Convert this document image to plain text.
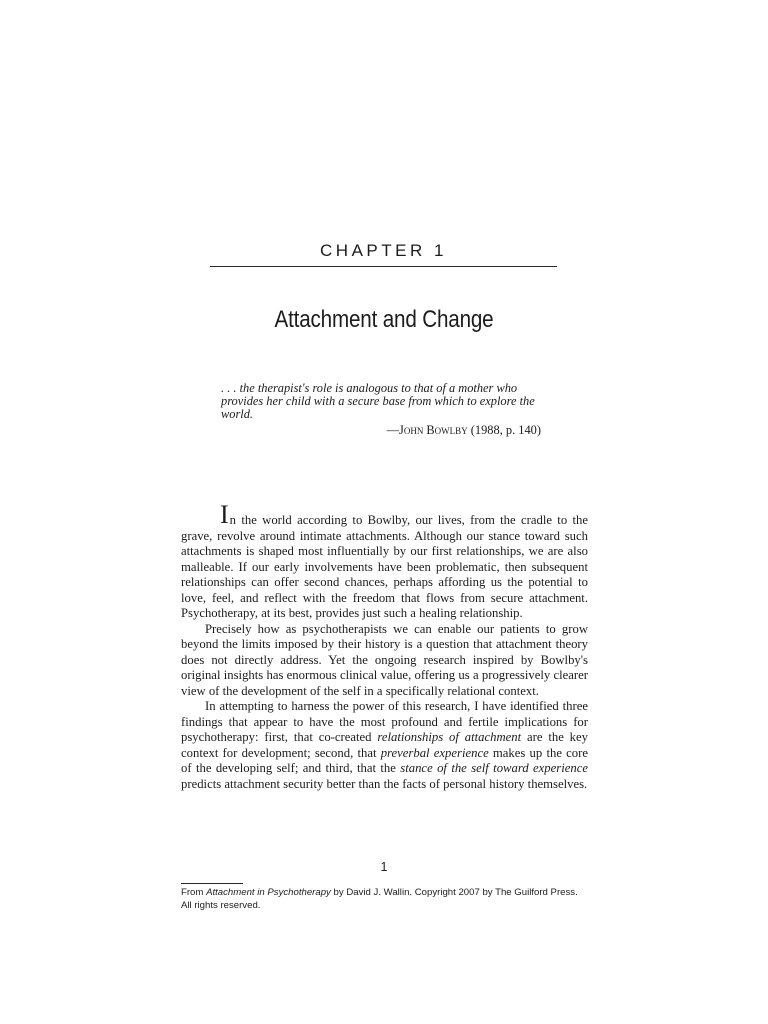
CHAPTER 1
Attachment and Change
. . . the therapist's role is analogous to that of a mother who provides her child with a secure base from which to explore the world.
—John Bowlby (1988, p. 140)

In the world according to Bowlby, our lives, from the cradle to the grave, revolve around intimate attachments. Although our stance toward such attachments is shaped most influentially by our first relationships, we are also malleable. If our early involvements have been problematic, then subsequent relationships can offer second chances, perhaps affording us the potential to love, feel, and reflect with the freedom that flows from secure attachment. Psychotherapy, at its best, provides just such a healing relationship.

Precisely how as psychotherapists we can enable our patients to grow beyond the limits imposed by their history is a question that attachment theory does not directly address. Yet the ongoing research inspired by Bowlby's original insights has enormous clinical value, offering us a progressively clearer view of the development of the self in a specifically relational context.

In attempting to harness the power of this research, I have identified three findings that appear to have the most profound and fertile implications for psychotherapy: first, that co-created relationships of attachment are the key context for development; second, that preverbal experience makes up the core of the developing self; and third, that the stance of the self toward experience predicts attachment security better than the facts of personal history themselves.

1
From Attachment in Psychotherapy by David J. Wallin. Copyright 2007 by The Guilford Press.
All rights reserved.
